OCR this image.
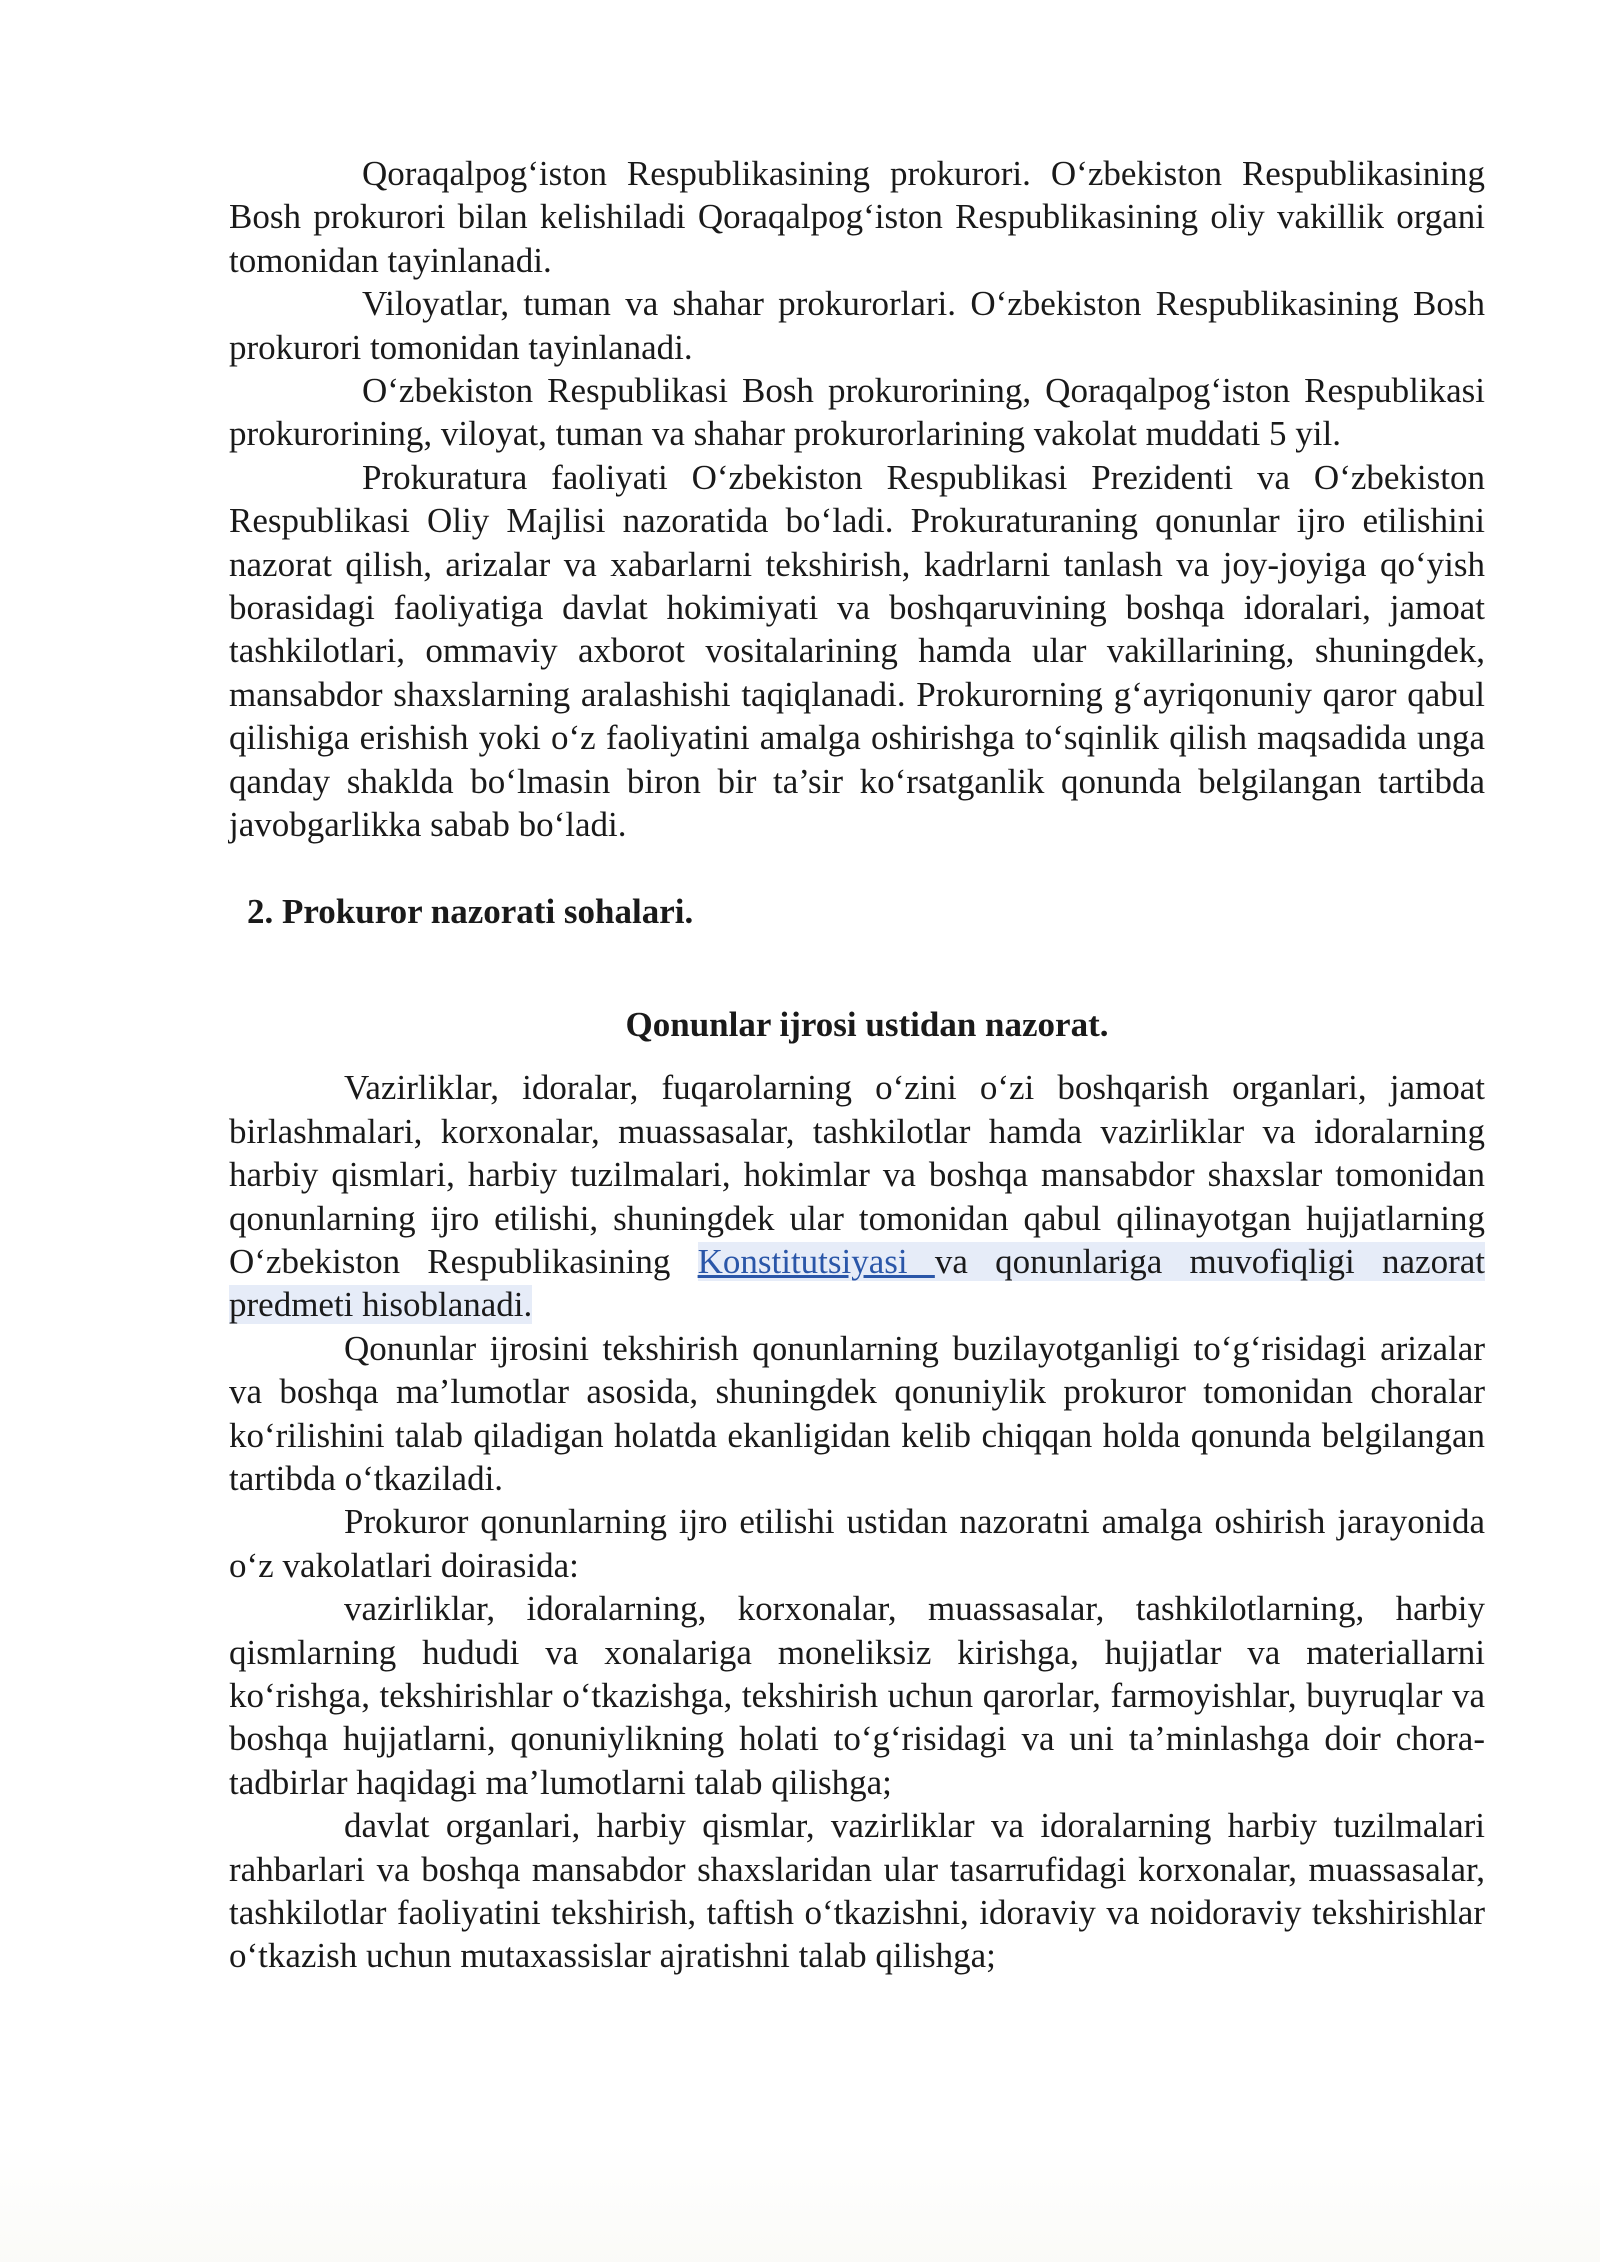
Qoraqalpog‘iston Respublikasining prokurori. O‘zbekiston Respublikasining Bosh prokurori bilan kelishiladi Qoraqalpog‘iston Respublikasining oliy vakillik organi tomonidan tayinlanadi.

Viloyatlar, tuman va shahar prokurorlari. O‘zbekiston Respublikasining Bosh prokurori tomonidan tayinlanadi.

O‘zbekiston Respublikasi Bosh prokurorining, Qoraqalpog‘iston Respublikasi prokurorining, viloyat, tuman va shahar prokurorlarining vakolat muddati 5 yil.

Prokuratura faoliyati O‘zbekiston Respublikasi Prezidenti va O‘zbekiston Respublikasi Oliy Majlisi nazoratida bo‘ladi. Prokuraturaning qonunlar ijro etilishini nazorat qilish, arizalar va xabarlarni tekshirish, kadrlarni tanlash va joy-joyiga qo‘yish borasidagi faoliyatiga davlat hokimiyati va boshqaruvining boshqa idoralari, jamoat tashkilotlari, ommaviy axborot vositalarining hamda ular vakillarining, shuningdek, mansabdor shaxslarning aralashishi taqiqlanadi. Prokurorning g‘ayriqonuniy qaror qabul qilishiga erishish yoki o‘z faoliyatini amalga oshirishga to‘sqinlik qilish maqsadida unga qanday shaklda bo‘lmasin biron bir ta’sir ko‘rsatganlik qonunda belgilangan tartibda javobgarlikka sabab bo‘ladi.

2. Prokuror nazorati sohalari.

Qonunlar ijrosi ustidan nazorat.

Vazirliklar, idoralar, fuqarolarning o‘zini o‘zi boshqarish organlari, jamoat birlashmalari, korxonalar, muassasalar, tashkilotlar hamda vazirliklar va idoralarning harbiy qismlari, harbiy tuzilmalari, hokimlar va boshqa mansabdor shaxslar tomonidan qonunlarning ijro etilishi, shuningdek ular tomonidan qabul qilinayotgan hujjatlarning O‘zbekiston Respublikasining Konstitutsiyasi va qonunlariga muvofiqligi nazorat predmeti hisoblanadi.

Qonunlar ijrosini tekshirish qonunlarning buzilayotganligi to‘g‘risidagi arizalar va boshqa ma’lumotlar asosida, shuningdek qonuniylik prokuror tomonidan choralar ko‘rilishini talab qiladigan holatda ekanligidan kelib chiqqan holda qonunda belgilangan tartibda o‘tkaziladi.

Prokuror qonunlarning ijro etilishi ustidan nazoratni amalga oshirish jarayonida o‘z vakolatlari doirasida:

vazirliklar, idoralarning, korxonalar, muassasalar, tashkilotlarning, harbiy qismlarning hududi va xonalariga moneliksiz kirishga, hujjatlar va materiallarni ko‘rishga, tekshirishlar o‘tkazishga, tekshirish uchun qarorlar, farmoyishlar, buyruqlar va boshqa hujjatlarni, qonuniylikning holati to‘g‘risidagi va uni ta’minlashga doir chora-tadbirlar haqidagi ma’lumotlarni talab qilishga;

davlat organlari, harbiy qismlar, vazirliklar va idoralarning harbiy tuzilmalari rahbarlari va boshqa mansabdor shaxslaridan ular tasarrufidagi korxonalar, muassasalar, tashkilotlar faoliyatini tekshirish, taftish o‘tkazishni, idoraviy va noidoraviy tekshirishlar o‘tkazish uchun mutaxassislar ajratishni talab qilishga;
